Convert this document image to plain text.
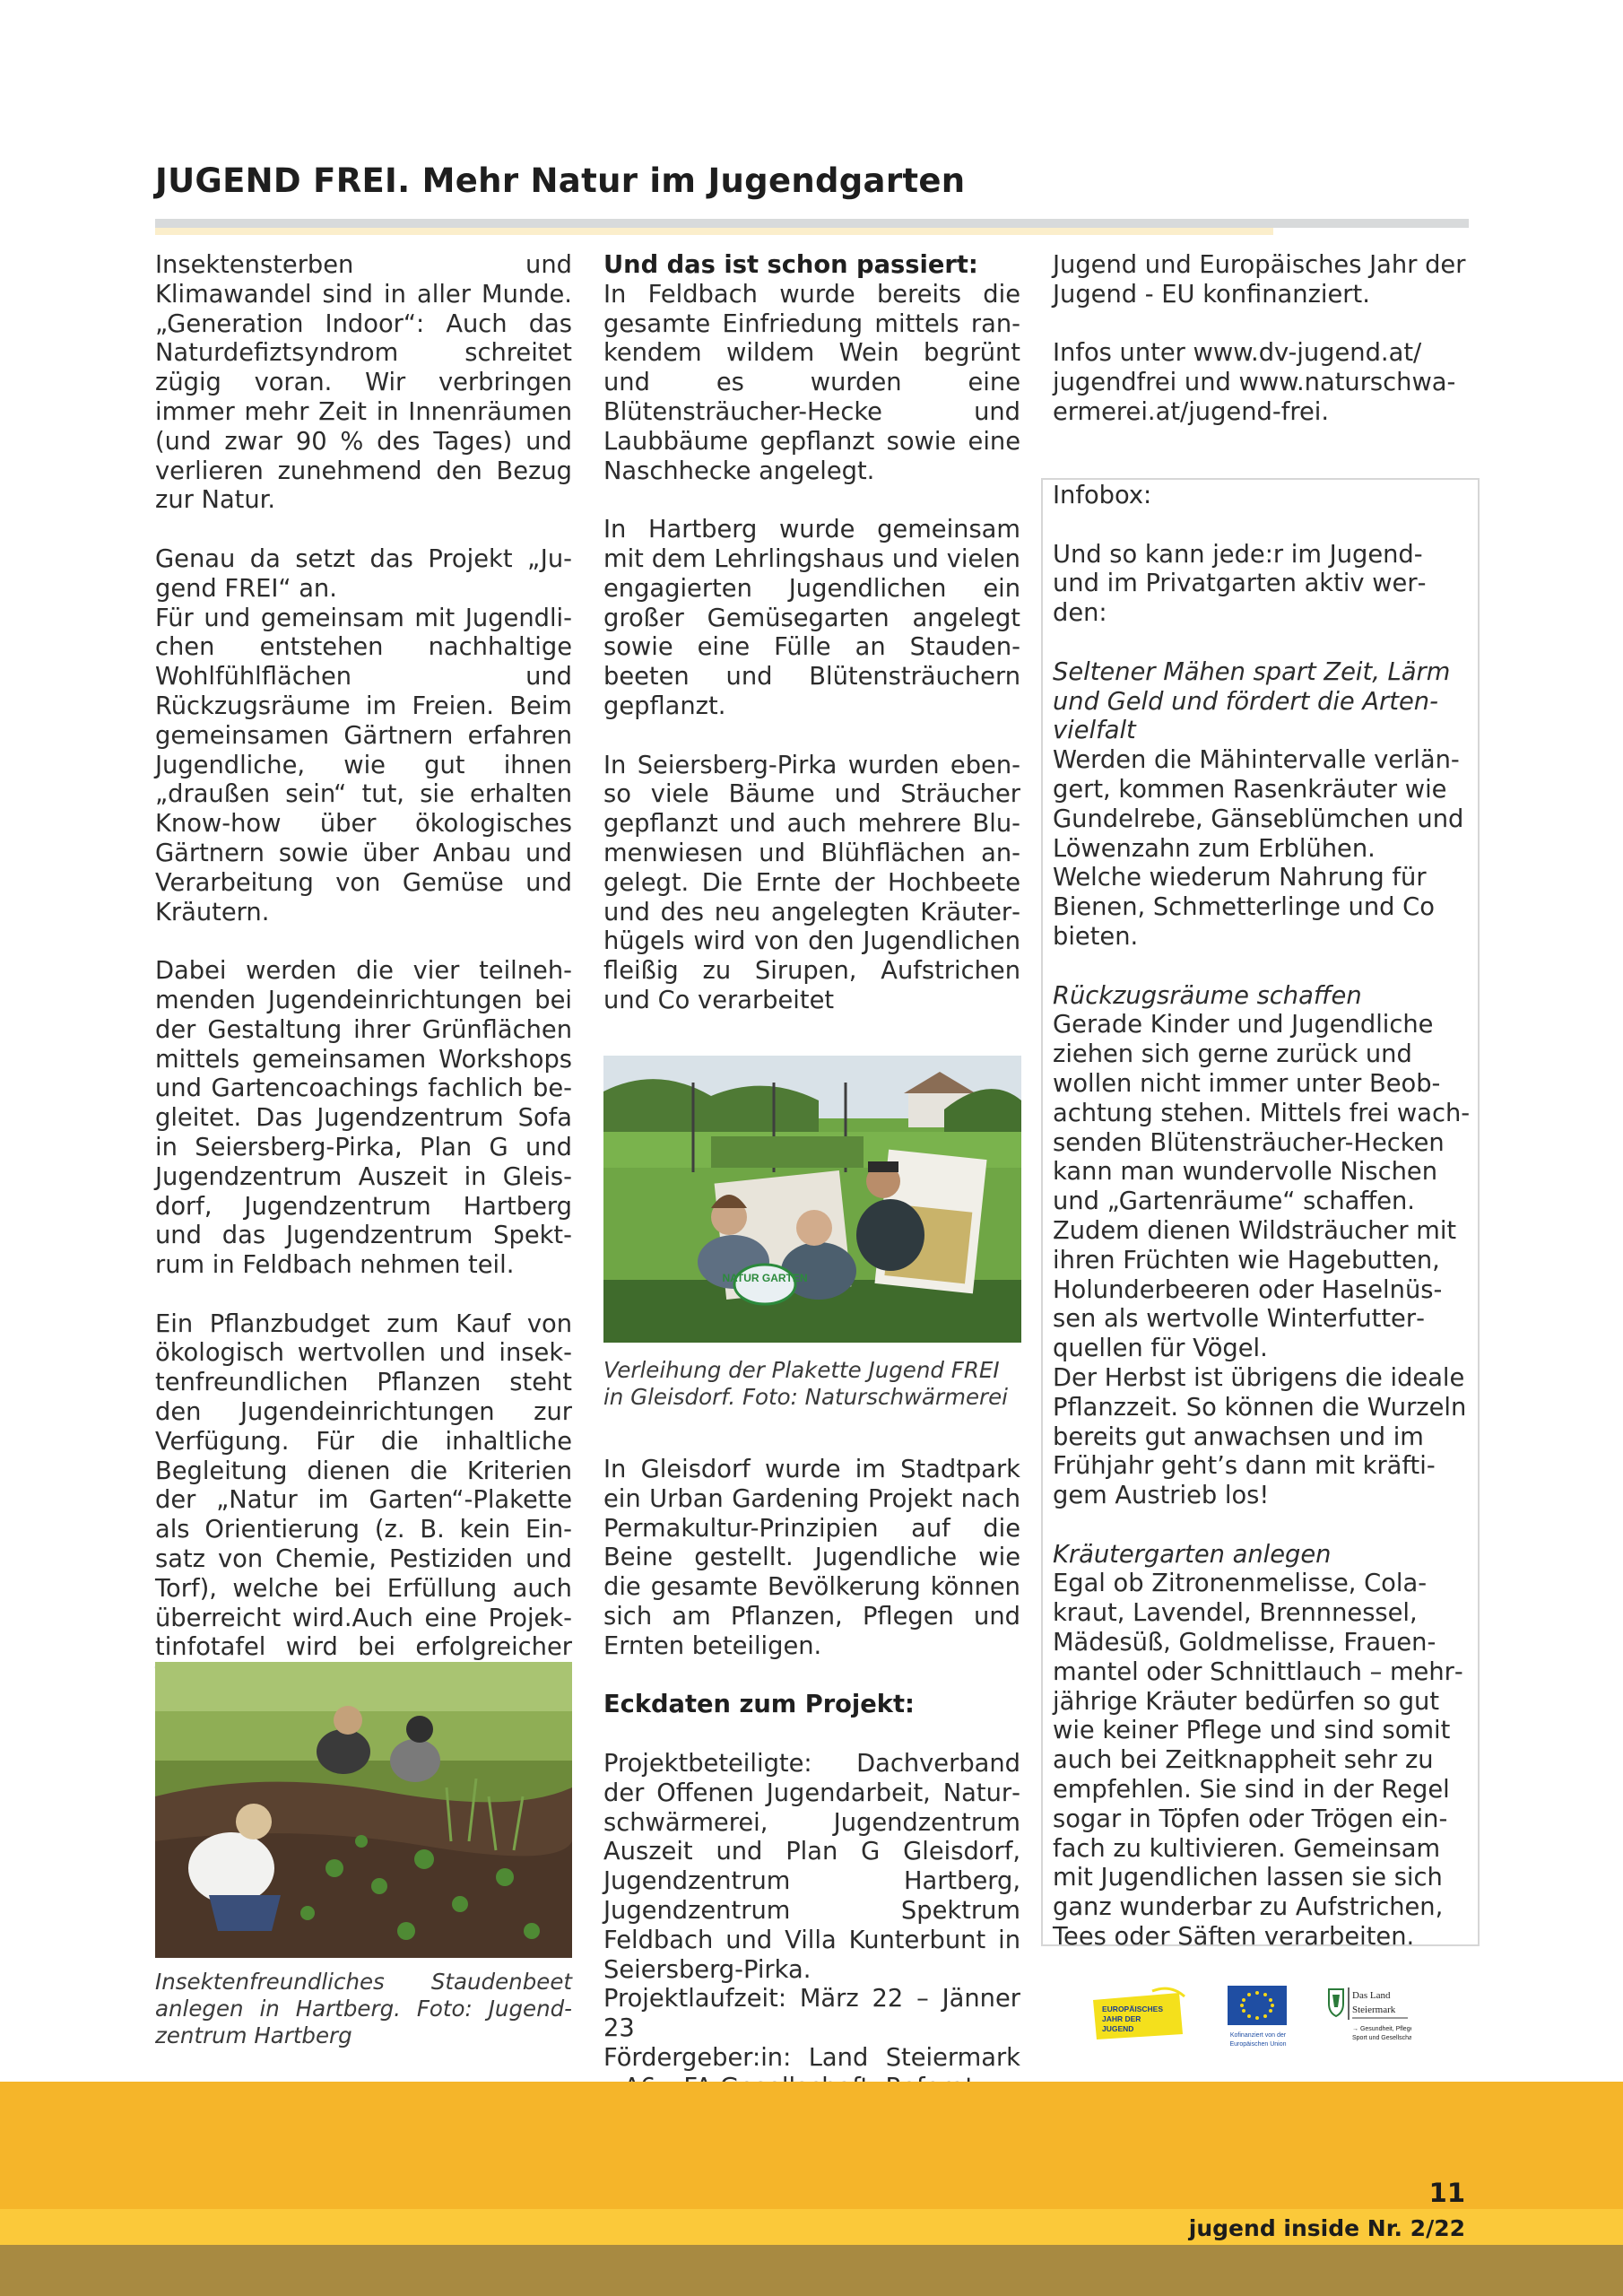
JUGEND FREI. Mehr Natur im Jugendgarten

Insektensterben und Klimawandel sind in aller Munde. „Generation Indoor“: Auch das Naturdefiztsyndrom schreitet zügig voran. Wir verbringen immer mehr Zeit in Innenräumen (und zwar 90 % des Tages) und verlieren zunehmend den Bezug zur Natur.

Genau da setzt das Projekt „Jugend FREI“ an.

Für und gemeinsam mit Jugendlichen entstehen nachhaltige Wohlfühlflächen und Rückzugsräume im Freien. Beim gemeinsamen Gärtnern erfahren Jugendliche, wie gut ihnen „draußen sein“ tut, sie erhalten Know-how über ökologisches Gärtnern sowie über Anbau und Verarbeitung von Gemüse und Kräutern.

Dabei werden die vier teilnehmenden Jugendeinrichtungen bei der Gestaltung ihrer Grünflächen mittels gemeinsamen Workshops und Gartencoachings fachlich begleitet. Das Jugendzentrum Sofa in Seiersberg-Pirka, Plan G und Jugendzentrum Auszeit in Gleisdorf, Jugendzentrum Hartberg und das Jugendzentrum Spektrum in Feldbach nehmen teil.

Ein Pflanzbudget zum Kauf von ökologisch wertvollen und insektenfreundlichen Pflanzen steht den Jugendeinrichtungen zur Verfügung. Für die inhaltliche Begleitung dienen die Kriterien der „Natur im Garten“-Plakette als Orientierung (z. B. kein Einsatz von Chemie, Pestiziden und Torf), welche bei Erfüllung auch überreicht wird.Auch eine Projektinfotafel wird bei erfolgreicher

Insektenfreundliches Staudenbeet anlegen in Hartberg. Foto: Jugendzentrum Hartberg

Und das ist schon passiert:

In Feldbach wurde bereits die gesamte Einfriedung mittels rankendem wildem Wein begrünt und es wurden eine Blütensträucher-Hecke und Laubbäume gepflanzt sowie eine Naschhecke angelegt.

In Hartberg wurde gemeinsam mit dem Lehrlingshaus und vielen engagierten Jugendlichen ein großer Gemüsegarten angelegt sowie eine Fülle an Staudenbeeten und Blütensträuchern gepflanzt.

In Seiersberg-Pirka wurden ebenso viele Bäume und Sträucher gepflanzt und auch mehrere Blumenwiesen und Blühflächen angelegt. Die Ernte der Hochbeete und des neu angelegten Kräuterhügels wird von den Jugendlichen fleißig zu Sirupen, Aufstrichen und Co verarbeitet

NATUR GARTEN
Verleihung der Plakette Jugend FREI in Gleisdorf. Foto: Naturschwärmerei

In Gleisdorf wurde im Stadtpark ein Urban Gardening Projekt nach Permakultur-Prinzipien auf die Beine gestellt. Jugendliche wie die gesamte Bevölkerung können sich am Pflanzen, Pflegen und Ernten beteiligen.

Eckdaten zum Projekt:

Projektbeteiligte: Dachverband der Offenen Jugendarbeit, Naturschwärmerei, Jugendzentrum Auszeit und Plan G Gleisdorf, Jugendzentrum Hartberg, Jugendzentrum Spektrum Feldbach und Villa Kunterbunt in Seiersberg-Pirka.

Projektlaufzeit: März 22 – Jänner 23

Fördergeber:in: Land Steiermark

Jugend und Europäisches Jahr der Jugend - EU konfinanziert.

Infos unter www.dv-jugend.at/ jugendfrei und www.naturschwaermerei.at/jugend-frei.

Infobox:

Und so kann jede:r im Jugend- und im Privatgarten aktiv werden:

Seltener Mähen spart Zeit, Lärm und Geld und fördert die Artenvielfalt

Werden die Mähintervalle verlängert, kommen Rasenkräuter wie Gundelrebe, Gänseblümchen und Löwenzahn zum Erblühen. Welche wiederum Nahrung für Bienen, Schmetterlinge und Co bieten.

Rückzugsräume schaffen

Gerade Kinder und Jugendliche ziehen sich gerne zurück und wollen nicht immer unter Beobachtung stehen. Mittels frei wachsenden Blütensträucher-Hecken kann man wundervolle Nischen und „Gartenräume“ schaffen. Zudem dienen Wildsträucher mit ihren Früchten wie Hagebutten, Holunderbeeren oder Haselnüssen als wertvolle Winterfutterquellen für Vögel.

Der Herbst ist übrigens die ideale Pflanzzeit. So können die Wurzeln bereits gut anwachsen und im Frühjahr geht’s dann mit kräftigem Austrieb los!

Kräutergarten anlegen

Egal ob Zitronenmelisse, Colakraut, Lavendel, Brennnessel, Mädesüß, Goldmelisse, Frauenmantel oder Schnittlauch – mehrjährige Kräuter bedürfen so gut wie keiner Pflege und sind somit auch bei Zeitknappheit sehr zu empfehlen. Sie sind in der Regel sogar in Töpfen oder Trögen einfach zu kultivieren. Gemeinsam mit Jugendlichen lassen sie sich ganz wunderbar zu Aufstrichen, Tees oder Säften verarbeiten.

EUROPÄISCHES
JAHR DER
JUGEND
Kofinanziert von der
Europäischen Union
Das Land
Steiermark
→ Gesundheit, Pflege,
Sport und Gesellschaft
11
jugend inside Nr. 2/22
